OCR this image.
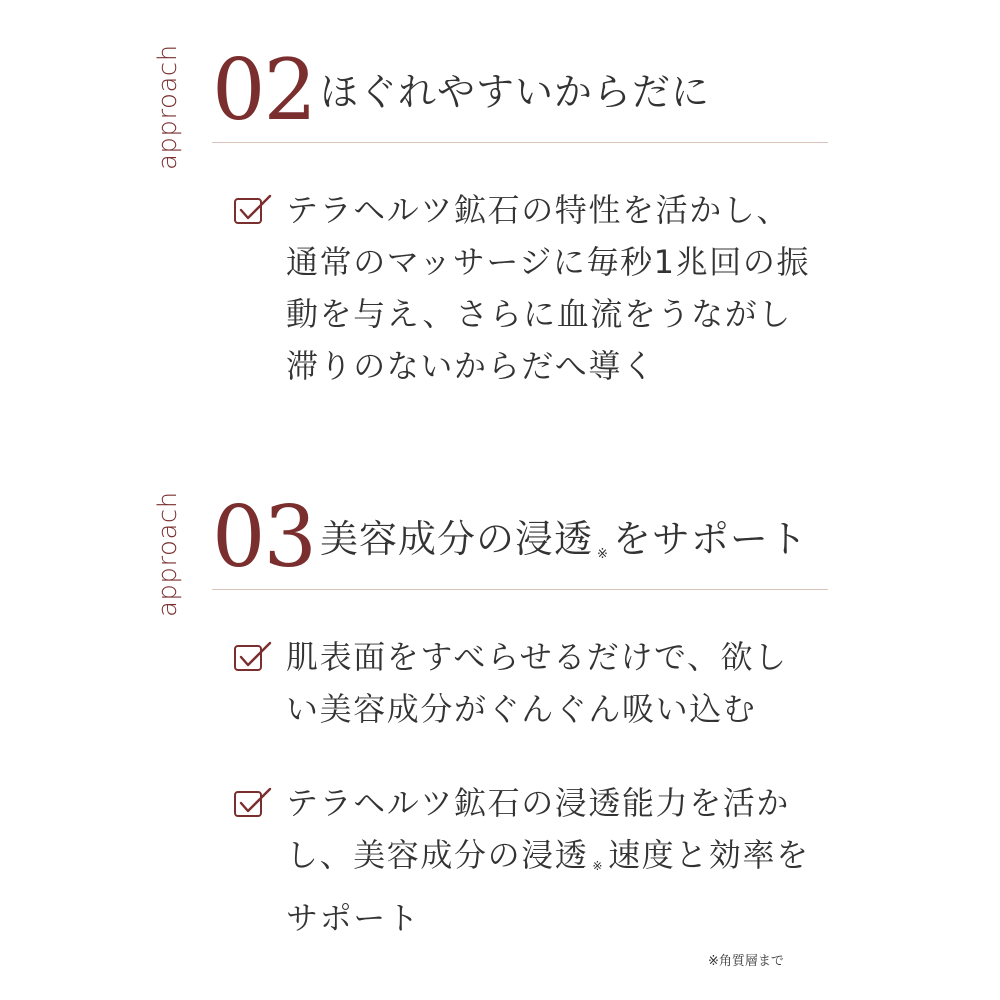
approach 02 ほぐれやすいからだに
テラヘルツ鉱石の特性を活かし、通常のマッサージに毎秒1兆回の振動を与え、さらに血流をうながし滞りのないからだへ導く
approach 03 美容成分の浸透 ※ をサポート
肌表面をすべらせるだけで、欲しい美容成分がぐんぐん吸い込む
テラヘルツ鉱石の浸透能力を活かし、美容成分の浸透 ※ 速度と効率をサポート
※角質層まで
